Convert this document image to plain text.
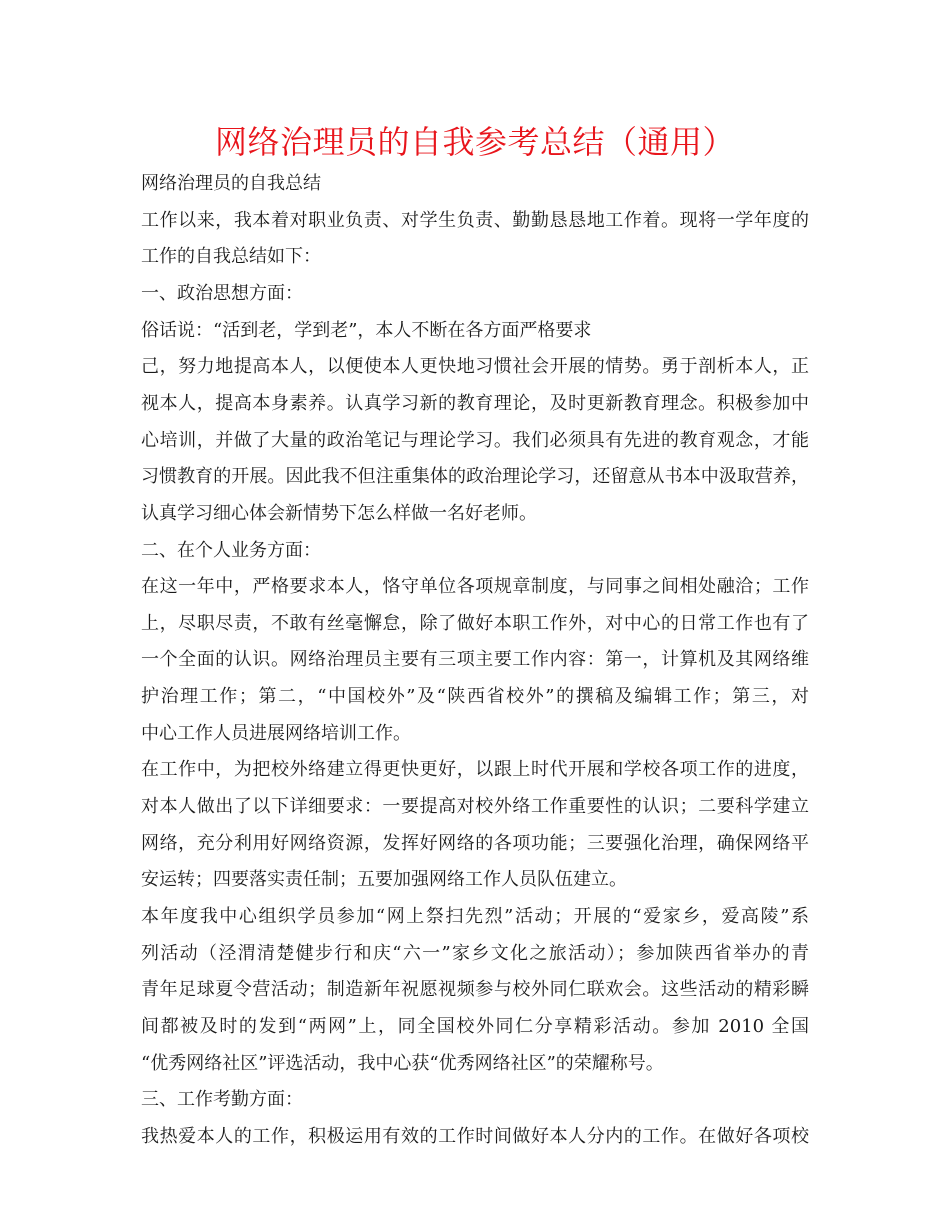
网络治理员的自我参考总结（通用）

网络治理员的自我总结

工作以来，我本着对职业负责、对学生负责、勤勤恳恳地工作着。现将一学年度的

工作的自我总结如下：

一、政治思想方面：

俗话说：“活到老，学到老”，本人不断在各方面严格要求

己，努力地提高本人，以便使本人更快地习惯社会开展的情势。勇于剖析本人，正

视本人，提高本身素养。认真学习新的教育理论，及时更新教育理念。积极参加中

心培训，并做了大量的政治笔记与理论学习。我们必须具有先进的教育观念，才能

习惯教育的开展。因此我不但注重集体的政治理论学习，还留意从书本中汲取营养，

认真学习细心体会新情势下怎么样做一名好老师。

二、在个人业务方面：

在这一年中，严格要求本人，恪守单位各项规章制度，与同事之间相处融洽；工作

上，尽职尽责，不敢有丝毫懈怠，除了做好本职工作外，对中心的日常工作也有了

一个全面的认识。网络治理员主要有三项主要工作内容：第一，计算机及其网络维

护治理工作；第二，“中国校外”及“陕西省校外”的撰稿及编辑工作；第三，对

中心工作人员进展网络培训工作。

在工作中，为把校外络建立得更快更好，以跟上时代开展和学校各项工作的进度，

对本人做出了以下详细要求：一要提高对校外络工作重要性的认识；二要科学建立

网络，充分利用好网络资源，发挥好网络的各项功能；三要强化治理，确保网络平

安运转；四要落实责任制；五要加强网络工作人员队伍建立。

本年度我中心组织学员参加“网上祭扫先烈”活动；开展的“爱家乡，爱高陵”系

列活动（泾渭清楚健步行和庆“六一”家乡文化之旅活动）；参加陕西省举办的青

青年足球夏令营活动；制造新年祝愿视频参与校外同仁联欢会。这些活动的精彩瞬

间都被及时的发到“两网”上，同全国校外同仁分享精彩活动。参加 2010 全国

“优秀网络社区”评选活动，我中心获“优秀网络社区”的荣耀称号。

三、工作考勤方面：

我热爱本人的工作，积极运用有效的工作时间做好本人分内的工作。在做好各项校
